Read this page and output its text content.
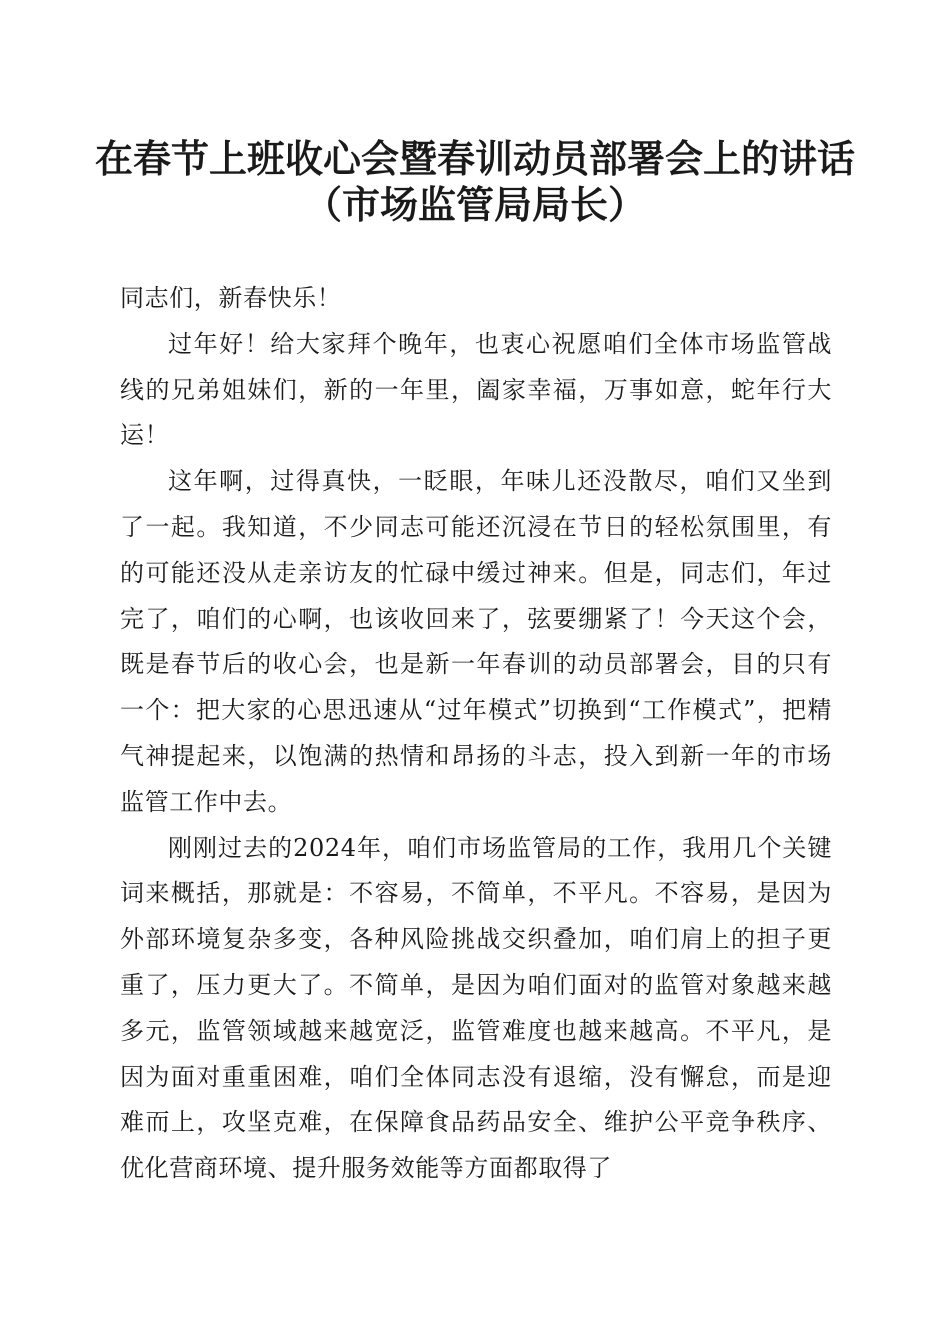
在春节上班收心会暨春训动员部署会上的讲话
（市场监管局局长）

同志们，新春快乐！

过年好！给大家拜个晚年，也衷心祝愿咱们全体市场监管战线的兄弟姐妹们，新的一年里，阖家幸福，万事如意，蛇年行大运！

这年啊，过得真快，一眨眼，年味儿还没散尽，咱们又坐到了一起。我知道，不少同志可能还沉浸在节日的轻松氛围里，有的可能还没从走亲访友的忙碌中缓过神来。但是，同志们，年过完了，咱们的心啊，也该收回来了，弦要绷紧了！今天这个会，既是春节后的收心会，也是新一年春训的动员部署会，目的只有一个：把大家的心思迅速从“过年模式”切换到“工作模式”，把精气神提起来，以饱满的热情和昂扬的斗志，投入到新一年的市场监管工作中去。

刚刚过去的2024年，咱们市场监管局的工作，我用几个关键词来概括，那就是：不容易，不简单，不平凡。不容易，是因为外部环境复杂多变，各种风险挑战交织叠加，咱们肩上的担子更重了，压力更大了。不简单，是因为咱们面对的监管对象越来越多元，监管领域越来越宽泛，监管难度也越来越高。不平凡，是因为面对重重困难，咱们全体同志没有退缩，没有懈怠，而是迎难而上，攻坚克难，在保障食品药品安全、维护公平竞争秩序、优化营商环境、提升服务效能等方面都取得了
